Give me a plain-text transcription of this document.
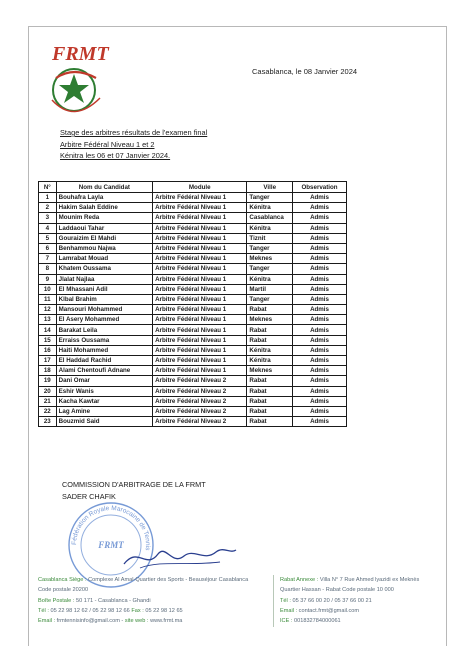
FRMT
Casablanca, le 08 Janvier 2024
Stage des arbitres résultats de l'examen final
Arbitre Fédéral Niveau 1 et 2
Kénitra les 06 et 07 Janvier 2024.
N°	Nom du Candidat	Module	Ville	Observation
1	Bouhafra Layla	Arbitre Fédéral Niveau 1	Tanger	Admis
2	Hakim Salah Eddine	Arbitre Fédéral Niveau 1	Kénitra	Admis
3	Mounim Reda	Arbitre Fédéral Niveau 1	Casablanca	Admis
4	Laddaoui Tahar	Arbitre Fédéral Niveau 1	Kénitra	Admis
5	Gouraizim El Mahdi	Arbitre Fédéral Niveau 1	Tiznit	Admis
6	Benhammou Najwa	Arbitre Fédéral Niveau 1	Tanger	Admis
7	Lamrabat Mouad	Arbitre Fédéral Niveau 1	Meknes	Admis
8	Khatem Oussama	Arbitre Fédéral Niveau 1	Tanger	Admis
9	Jlalat Najlaa	Arbitre Fédéral Niveau 1	Kénitra	Admis
10	El Mhassani Adil	Arbitre Fédéral Niveau 1	Martil	Admis
11	Klbal Brahim	Arbitre Fédéral Niveau 1	Tanger	Admis
12	Mansouri Mohammed	Arbitre Fédéral Niveau 1	Rabat	Admis
13	El Asery Mohammed	Arbitre Fédéral Niveau 1	Meknes	Admis
14	Barakat Leila	Arbitre Fédéral Niveau 1	Rabat	Admis
15	Erraiss Oussama	Arbitre Fédéral Niveau 1	Rabat	Admis
16	Haiti Mohammed	Arbitre Fédéral Niveau 1	Kénitra	Admis
17	El Haddad Rachid	Arbitre Fédéral Niveau 1	Kénitra	Admis
18	Alami Chentoufi Adnane	Arbitre Fédéral Niveau 1	Meknes	Admis
19	Dani Omar	Arbitre Fédéral Niveau 2	Rabat	Admis
20	Eshir Wanis	Arbitre Fédéral Niveau 2	Rabat	Admis
21	Kacha Kawtar	Arbitre Fédéral Niveau 2	Rabat	Admis
22	Lag Amine	Arbitre Fédéral Niveau 2	Rabat	Admis
23	Bouzmid Said	Arbitre Fédéral Niveau 2	Rabat	Admis
COMMISSION D'ARBITRAGE DE LA FRMT
SADER CHAFIK
Fédération Royale Marocaine de Tennis
FRMT
Casablanca Siège : Complexe Al Amal-Quartier des Sports - Beauséjour Casablanca
Code postale 20200
Boîte Postale : 50 171 - Casablanca - Ghandi
Tél : 05 22 98 12 62 / 05 22 98 12 66 Fax : 05 22 98 12 65
Email : frmtennisinfo@gmail.com - site web : www.frmt.ma
Rabat Annexe : Villa N° 7 Rue Ahmed lyazidi ex Meknès
Quartier Hassan - Rabat Code postale 10 000
Tél : 05 37 66 00 20 / 05 37 66 00 21
Email : contact.frmt@gmail.com
ICE : 001832784000061
